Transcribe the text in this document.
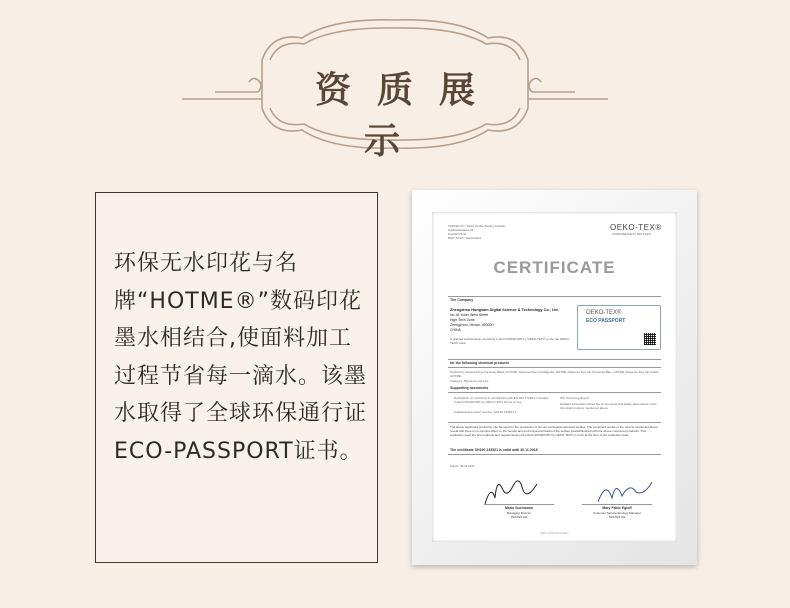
资质展示

环保无水印花与名牌“HOTME®”数码印花墨水相结合,使面料加工过程节省每一滴水。该墨水取得了全球环保通行证ECO-PASSPORT证书。

TESTEX AG, Swiss Textile Testing Institute
Gotthardstrasse 61
Postfach 5.4a
8027 Zürich, Switzerland
OEKO-TEX®
CONFIDENCE IN TEXTILES
CERTIFICATE
The Company
Zhengzhou Hongsam Digital Science & Technology Co., Ltd.
No.16 Yulan West Street
High-Tech Zone
Zhengzhou, Henan, 450000
CHINA
is granted authorisation according to ECO PASSPORT by OEKO-TEX® to use the OEKO-TEX® mark
OEKO-TEX®
ECO PASSPORT
for the following chemical products
Product(s): Disperse Dye Ink Deep Black, HOTME, Disperse Dye Ink Magenta, HOTME, Disperse Dye Ink Turquoise Blue, HOTME, Disperse Dye Ink Yellow, HOTME
Category: Pigments and inks
Supporting documents
Declaration of conformity in accordance with EN ISO 17050-1 included in ECO PASSPORT by OEKO-TEX® Terms of Use
Analytical test report number: SH190 133521.1
ISC Screening Report
Detailed information about the components and safety data sheets of the chemical products mentioned above
The above captioned product(s) can be used for the production of human-ecological optimised textiles. The combined results of the reports mentioned above reveal that there is no harmful effect on the human and environmental health of the textiles treated/finished with the above mentioned products. This evaluation used the test methods and requirements of the ECO PASSPORT by OEKO-TEX® in force at the time of the evaluation date.
The certificate SH190 133521 is valid until 30.11.2018
Zürich, 30.11.2017
Mario Suchmann
Managing Director
TESTEX AG
Mary Fabio Egloff
Customer Service Ecology Manager
TESTEX AG
OEKO-TEX® Association
